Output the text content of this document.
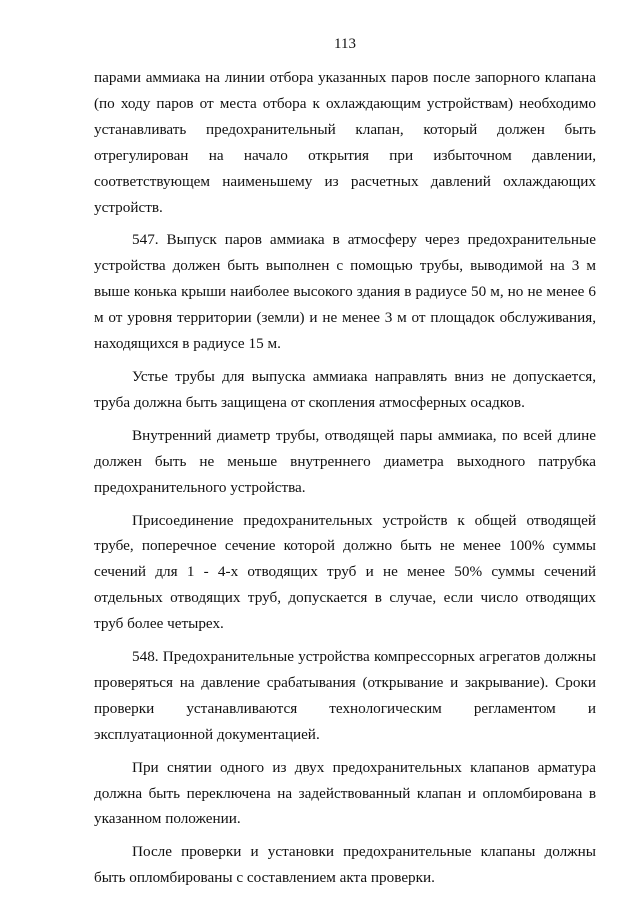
113

парами аммиака на линии отбора указанных паров после запорного клапана (по ходу паров от места отбора к охлаждающим устройствам) необходимо устанавливать предохранительный клапан, который должен быть отрегулирован на начало открытия при избыточном давлении, соответствующем наименьшему из расчетных давлений охлаждающих устройств.

547. Выпуск паров аммиака в атмосферу через предохранительные устройства должен быть выполнен с помощью трубы, выводимой на 3 м выше конька крыши наиболее высокого здания в радиусе 50 м, но не менее 6 м от уровня территории (земли) и не менее 3 м от площадок обслуживания, находящихся в радиусе 15 м.

Устье трубы для выпуска аммиака направлять вниз не допускается, труба должна быть защищена от скопления атмосферных осадков.

Внутренний диаметр трубы, отводящей пары аммиака, по всей длине должен быть не меньше внутреннего диаметра выходного патрубка предохранительного устройства.

Присоединение предохранительных устройств к общей отводящей трубе, поперечное сечение которой должно быть не менее 100% суммы сечений для 1 - 4-х отводящих труб и не менее 50% суммы сечений отдельных отводящих труб, допускается в случае, если число отводящих труб более четырех.

548. Предохранительные устройства компрессорных агрегатов должны проверяться на давление срабатывания (открывание и закрывание). Сроки проверки устанавливаются технологическим регламентом и эксплуатационной документацией.

При снятии одного из двух предохранительных клапанов арматура должна быть переключена на задействованный клапан и опломбирована в указанном положении.

После проверки и установки предохранительные клапаны должны быть опломбированы с составлением акта проверки.
